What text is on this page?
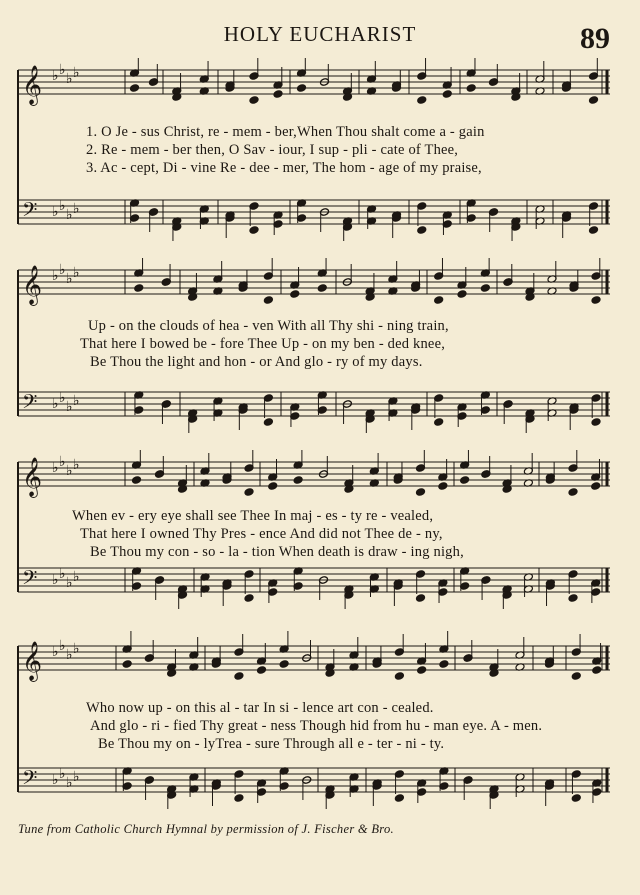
HOLY EUCHARIST	89
𝄞 ♭ ♭
♭ ♭
𝄢 ♭ ♭
♭ ♭
1. O Je - sus Christ, re - mem - ber,When Thou shalt come a - gain
2. Re - mem - ber then, O Sav - iour, I sup - pli - cate of Thee,
3. Ac - cept, Di - vine Re - dee - mer, The hom - age of my praise,
𝄞 ♭ ♭
♭ ♭
𝄢 ♭ ♭
♭ ♭
Up - on the clouds of hea - ven With all Thy shi - ning train,
That here I bowed be - fore Thee Up - on my ben - ded knee,
Be Thou the light and hon - or And glo - ry of my days.
𝄞 ♭ ♭
♭ ♭
𝄢 ♭ ♭
♭ ♭
When ev - ery eye shall see Thee In maj - es - ty re - vealed,
That here I owned Thy Pres - ence And did not Thee de - ny,
Be Thou my con - so - la - tion When death is draw - ing nigh,
𝄞 ♭ ♭
♭ ♭
𝄢 ♭ ♭
♭ ♭
Who now up - on this al - tar In si - lence art con - cealed.
And glo - ri - fied Thy great - ness Though hid from hu - man eye. A - men.
Be Thou my on - lyTrea - sure Through all e - ter - ni - ty.
Tune from Catholic Church Hymnal by permission of J. Fischer & Bro.
